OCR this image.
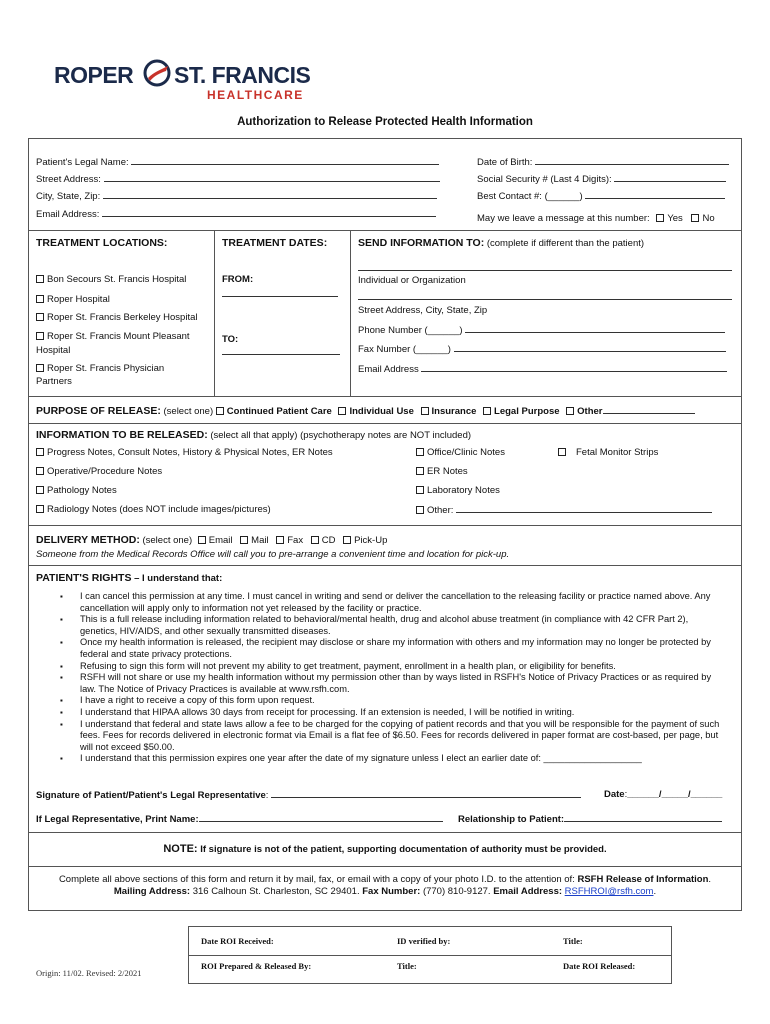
ROPER ST. FRANCIS
HEALTHCARE
Authorization to Release Protected Health Information
Patient's Legal Name:
Street Address:
City, State, Zip:
Email Address:
Date of Birth:
Social Security # (Last 4 Digits):
Best Contact #: (______)
May we leave a message at this number: Yes No
TREATMENT LOCATIONS:	TREATMENT DATES:	SEND INFORMATION TO: (complete if different than the patient)
Bon Secours St. Francis Hospital
Roper Hospital
Roper St. Francis Berkeley Hospital
Roper St. Francis Mount Pleasant
Hospital
Roper St. Francis Physician
Partners
FROM:
TO:
Individual or Organization
Street Address, City, State, Zip
Phone Number (______)
Fax Number (______)
Email Address
PURPOSE OF RELEASE: (select one) Continued Patient Care Individual Use Insurance Legal Purpose Other
INFORMATION TO BE RELEASED: (select all that apply) (psychotherapy notes are NOT included)
Progress Notes, Consult Notes, History & Physical Notes, ER Notes	Office/Clinic Notes	Fetal Monitor Strips
Operative/Procedure Notes	ER Notes
Pathology Notes	Laboratory Notes
Radiology Notes (does NOT include images/pictures)	Other:
DELIVERY METHOD: (select one) Email Mail Fax CD Pick-Up
Someone from the Medical Records Office will call you to pre-arrange a convenient time and location for pick-up.
PATIENT'S RIGHTS – I understand that:
▪ I can cancel this permission at any time. I must cancel in writing and send or deliver the cancellation to the releasing facility or practice named above. Any cancellation will apply only to information not yet released by the facility or practice.
▪ This is a full release including information related to behavioral/mental health, drug and alcohol abuse treatment (in compliance with 42 CFR Part 2), genetics, HIV/AIDS, and other sexually transmitted diseases.
▪ Once my health information is released, the recipient may disclose or share my information with others and my information may no longer be protected by federal and state privacy protections.
▪ Refusing to sign this form will not prevent my ability to get treatment, payment, enrollment in a health plan, or eligibility for benefits.
▪ RSFH will not share or use my health information without my permission other than by ways listed in RSFH's Notice of Privacy Practices or as required by law. The Notice of Privacy Practices is available at www.rsfh.com.
▪ I have a right to receive a copy of this form upon request.
▪ I understand that HIPAA allows 30 days from receipt for processing. If an extension is needed, I will be notified in writing.
▪ I understand that federal and state laws allow a fee to be charged for the copying of patient records and that you will be responsible for the payment of such fees. Fees for records delivered in electronic format via Email is a flat fee of $6.50. Fees for records delivered in paper format are cost-based, per page, but will not exceed $50.00.
▪ I understand that this permission expires one year after the date of my signature unless I elect an earlier date of: ___________________
Signature of Patient/Patient's Legal Representative:	Date:______/_____/______
If Legal Representative, Print Name:	Relationship to Patient:
NOTE: If signature is not of the patient, supporting documentation of authority must be provided.
Complete all above sections of this form and return it by mail, fax, or email with a copy of your photo I.D. to the attention of: RSFH Release of Information.
Mailing Address: 316 Calhoun St. Charleston, SC 29401. Fax Number: (770) 810-9127. Email Address: RSFHROI@rsfh.com.
Date ROI Received:	ID verified by:	Title:
ROI Prepared & Released By:	Title:	Date ROI Released:
Origin: 11/02. Revised: 2/2021
